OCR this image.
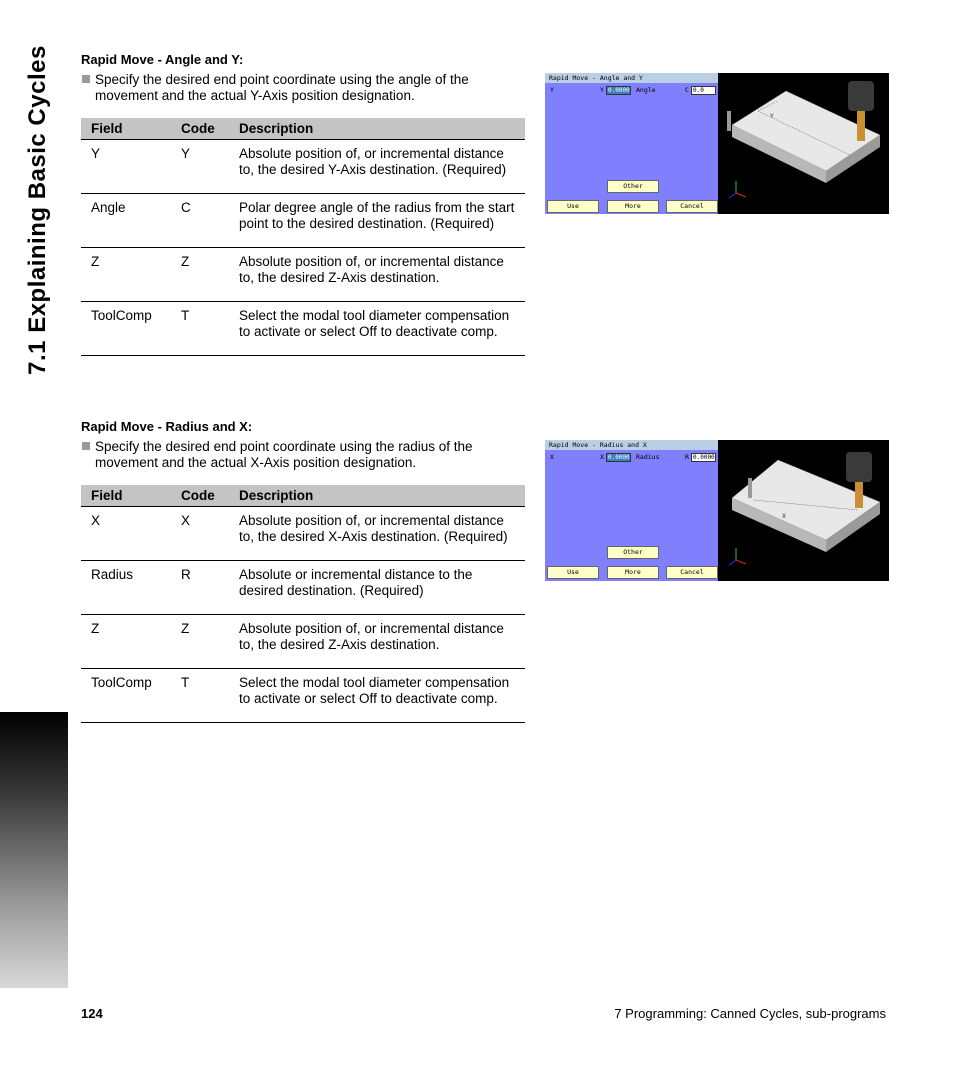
7.1 Explaining Basic Cycles Rapid Move - Angle and Y:

Specify the desired end point coordinate using the angle of the movement and the actual Y-Axis position designation.
Field	Code	Description
Y	Y	Absolute position of, or incremental distance to, the desired Y-Axis destination. (Required)
Angle	C	Polar degree angle of the radius from the start point to the desired destination. (Required)
Z	Z	Absolute position of, or incremental distance to, the desired Z-Axis destination.
ToolComp	T	Select the modal tool diameter compensation to activate or select Off to deactivate comp.
Rapid Move - Angle and Y
Y	Y 0.0000 Angle	C 0.0
Other
Use	More	Cancel
Y

Rapid Move - Radius and X:

Specify the desired end point coordinate using the radius of the movement and the actual X-Axis position designation.
Field	Code	Description
X	X	Absolute position of, or incremental distance to, the desired X-Axis destination. (Required)
Radius	R	Absolute or incremental distance to the desired destination. (Required)
Z	Z	Absolute position of, or incremental distance to, the desired Z-Axis destination.
ToolComp	T	Select the modal tool diameter compensation to activate or select Off to deactivate comp.
Rapid Move - Radius and X
X	X 0.0000 Radius	R 0.0000
Other
Use	More	Cancel
X
124	7 Programming: Canned Cycles, sub-programs
